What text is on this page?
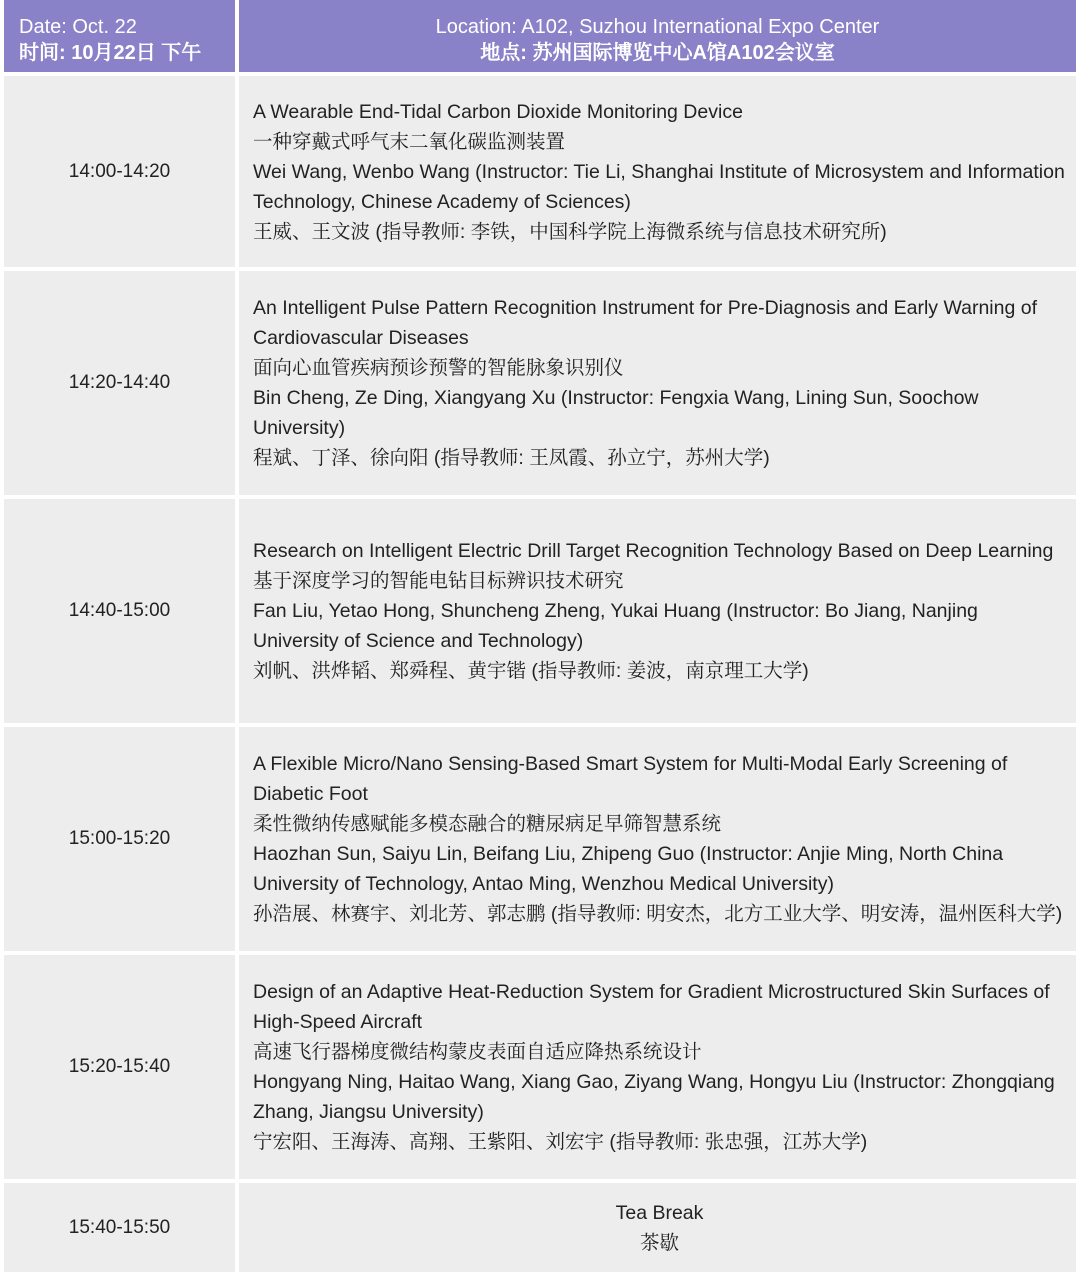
Date: Oct. 22
时间: 10月22日 下午
Location: A102, Suzhou International Expo Center
地点: 苏州国际博览中心A馆A102会议室
14:00-14:20
A Wearable End-Tidal Carbon Dioxide Monitoring Device
一种穿戴式呼气末二氧化碳监测装置
Wei Wang, Wenbo Wang (Instructor: Tie Li, Shanghai Institute of Microsystem and Information Technology, Chinese Academy of Sciences)
王威、王文波 (指导教师: 李铁，中国科学院上海微系统与信息技术研究所)
14:20-14:40
An Intelligent Pulse Pattern Recognition Instrument for Pre-Diagnosis and Early Warning of Cardiovascular Diseases
面向心血管疾病预诊预警的智能脉象识别仪
Bin Cheng, Ze Ding, Xiangyang Xu (Instructor: Fengxia Wang, Lining Sun, Soochow University)
程斌、丁泽、徐向阳 (指导教师: 王凤霞、孙立宁，苏州大学)
14:40-15:00
Research on Intelligent Electric Drill Target Recognition Technology Based on Deep Learning
基于深度学习的智能电钻目标辨识技术研究
Fan Liu, Yetao Hong, Shuncheng Zheng, Yukai Huang (Instructor: Bo Jiang, Nanjing University of Science and Technology)
刘帆、洪烨韬、郑舜程、黄宇锴 (指导教师: 姜波，南京理工大学)
15:00-15:20
A Flexible Micro/Nano Sensing-Based Smart System for Multi-Modal Early Screening of Diabetic Foot
柔性微纳传感赋能多模态融合的糖尿病足早筛智慧系统
Haozhan Sun, Saiyu Lin, Beifang Liu, Zhipeng Guo (Instructor: Anjie Ming, North China University of Technology, Antao Ming, Wenzhou Medical University)
孙浩展、林赛宇、刘北芳、郭志鹏 (指导教师: 明安杰，北方工业大学、明安涛，温州医科大学)
15:20-15:40
Design of an Adaptive Heat-Reduction System for Gradient Microstructured Skin Surfaces of High-Speed Aircraft
高速飞行器梯度微结构蒙皮表面自适应降热系统设计
Hongyang Ning, Haitao Wang, Xiang Gao, Ziyang Wang, Hongyu Liu (Instructor: Zhongqiang Zhang, Jiangsu University)
宁宏阳、王海涛、高翔、王紫阳、刘宏宇 (指导教师: 张忠强，江苏大学)
15:40-15:50
Tea Break
茶歇
